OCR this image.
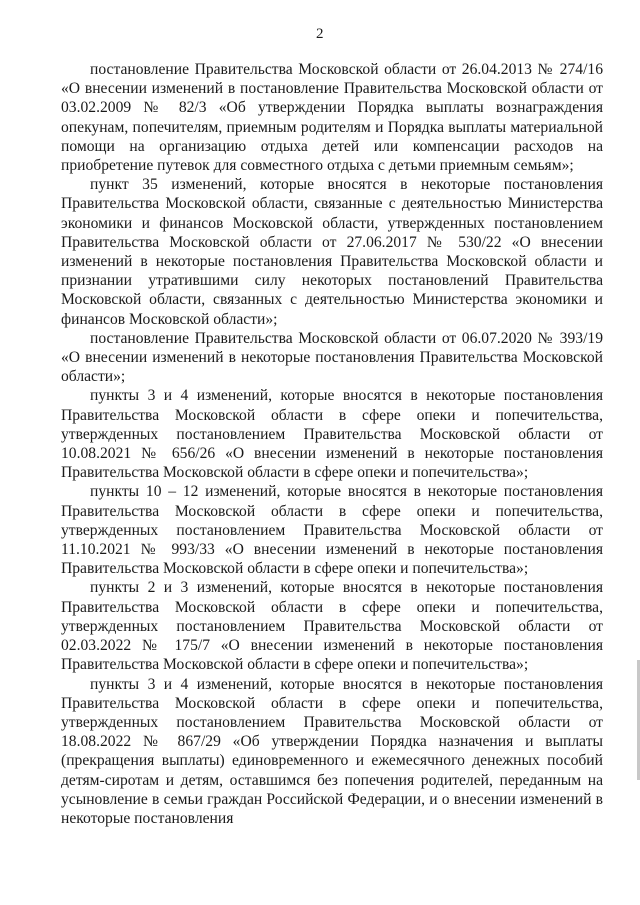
2

постановление Правительства Московской области от 26.04.2013 № 274/16 «О внесении изменений в постановление Правительства Московской области от 03.02.2009 № 82/3 «Об утверждении Порядка выплаты вознаграждения опекунам, попечителям, приемным родителям и Порядка выплаты материальной помощи на организацию отдыха детей или компенсации расходов на приобретение путевок для совместного отдыха с детьми приемным семьям»;

пункт 35 изменений, которые вносятся в некоторые постановления Правительства Московской области, связанные с деятельностью Министерства экономики и финансов Московской области, утвержденных постановлением Правительства Московской области от 27.06.2017 № 530/22 «О внесении изменений в некоторые постановления Правительства Московской области и признании утратившими силу некоторых постановлений Правительства Московской области, связанных с деятельностью Министерства экономики и финансов Московской области»;

постановление Правительства Московской области от 06.07.2020 № 393/19 «О внесении изменений в некоторые постановления Правительства Московской области»;

пункты 3 и 4 изменений, которые вносятся в некоторые постановления Правительства Московской области в сфере опеки и попечительства, утвержденных постановлением Правительства Московской области от 10.08.2021 № 656/26 «О внесении изменений в некоторые постановления Правительства Московской области в сфере опеки и попечительства»;

пункты 10 – 12 изменений, которые вносятся в некоторые постановления Правительства Московской области в сфере опеки и попечительства, утвержденных постановлением Правительства Московской области от 11.10.2021 № 993/33 «О внесении изменений в некоторые постановления Правительства Московской области в сфере опеки и попечительства»;

пункты 2 и 3 изменений, которые вносятся в некоторые постановления Правительства Московской области в сфере опеки и попечительства, утвержденных постановлением Правительства Московской области от 02.03.2022 № 175/7 «О внесении изменений в некоторые постановления Правительства Московской области в сфере опеки и попечительства»;

пункты 3 и 4 изменений, которые вносятся в некоторые постановления Правительства Московской области в сфере опеки и попечительства, утвержденных постановлением Правительства Московской области от 18.08.2022 № 867/29 «Об утверждении Порядка назначения и выплаты (прекращения выплаты) единовременного и ежемесячного денежных пособий детям-сиротам и детям, оставшимся без попечения родителей, переданным на усыновление в семьи граждан Российской Федерации, и о внесении изменений в некоторые постановления
